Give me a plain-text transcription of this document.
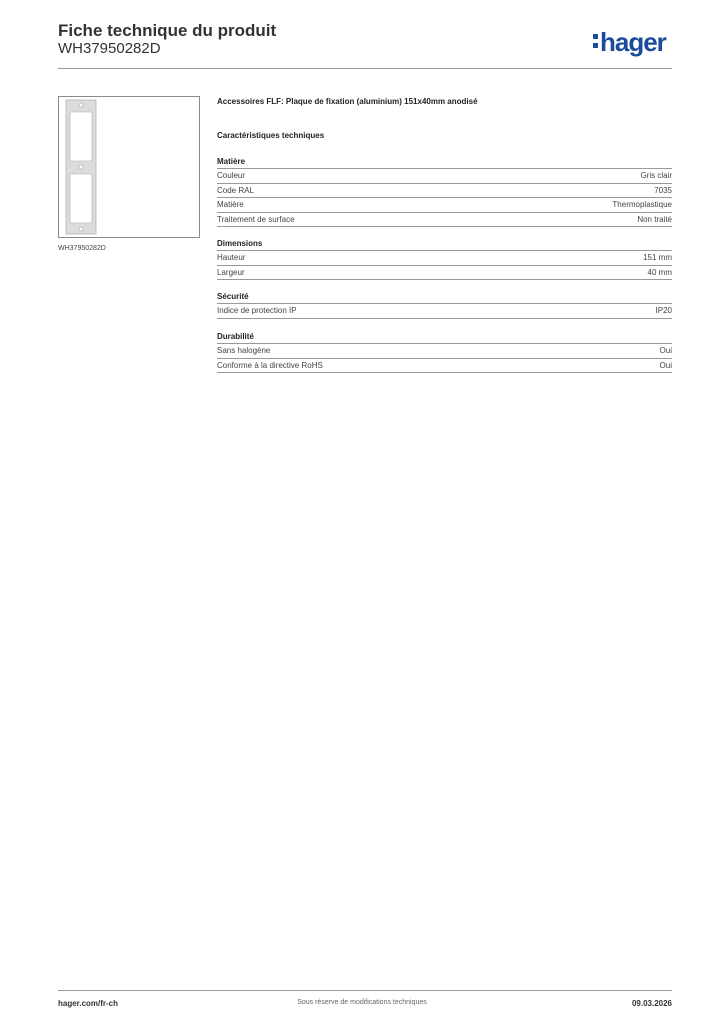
Fiche technique du produit
WH37950282D	hager
WH37950282D
Accessoires FLF: Plaque de fixation (aluminium) 151x40mm anodisé
Caractéristiques techniques
Matière
Couleur	Gris clair
Code RAL	7035
Matière	Thermoplastique
Traitement de surface	Non traité
Dimensions
Hauteur	151 mm
Largeur	40 mm
Sécurité
Indice de protection IP	IP20
Durabilité
Sans halogène	Oui
Conforme à la directive RoHS	Oui
hager.com/fr-ch	Sous réserve de modifications techniques	09.03.2026
